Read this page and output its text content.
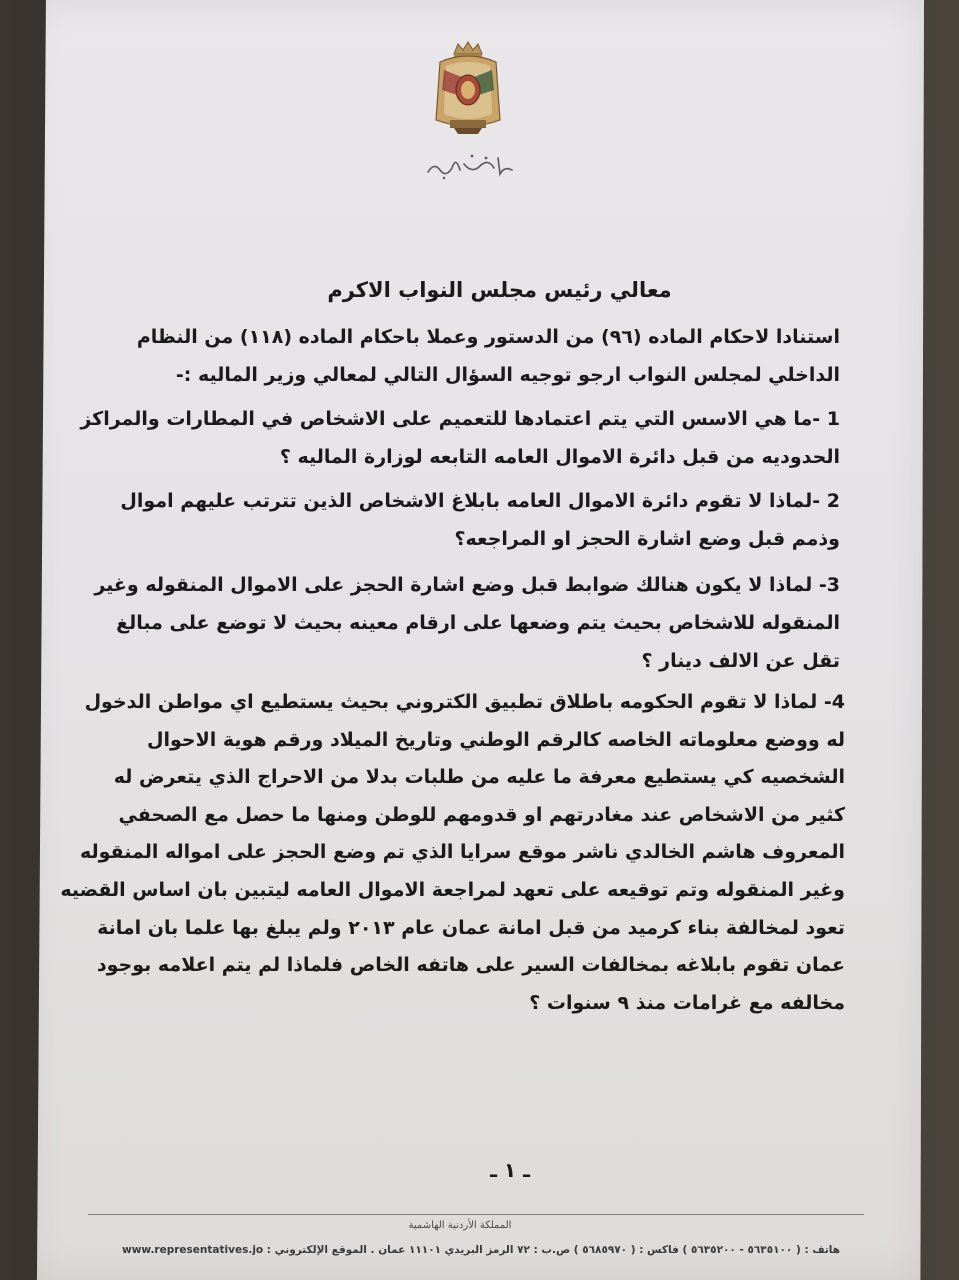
معالي رئيس مجلس النواب الاكرم
استنادا لاحكام الماده (٩٦) من الدستور وعملا باحكام الماده (١١٨) من النظام
الداخلي لمجلس النواب ارجو توجيه السؤال التالي لمعالي وزير الماليه :-
1 -ما هي الاسس التي يتم اعتمادها للتعميم على الاشخاص في المطارات والمراكز
الحدوديه من قبل دائرة الاموال العامه التابعه لوزارة الماليه ؟
2 -لماذا لا تقوم دائرة الاموال العامه بابلاغ الاشخاص الذين تترتب عليهم اموال
وذمم قبل وضع اشارة الحجز او المراجعه؟
3- لماذا لا يكون هنالك ضوابط قبل وضع اشارة الحجز على الاموال المنقوله وغير
المنقوله للاشخاص بحيث يتم وضعها على ارقام معينه بحيث لا توضع على مبالغ
تقل عن الالف دينار ؟
4- لماذا لا تقوم الحكومه باطلاق تطبيق الكتروني بحيث يستطيع اي مواطن الدخول
له ووضع معلوماته الخاصه كالرقم الوطني وتاريخ الميلاد ورقم هوية الاحوال
الشخصيه كي يستطيع معرفة ما عليه من طلبات بدلا من الاحراج الذي يتعرض له
كثير من الاشخاص عند مغادرتهم او قدومهم للوطن ومنها ما حصل مع الصحفي
المعروف هاشم الخالدي ناشر موقع سرايا الذي تم وضع الحجز على امواله المنقوله
وغير المنقوله وتم توقيعه على تعهد لمراجعة الاموال العامه ليتبين بان اساس القضيه
تعود لمخالفة بناء كرميد من قبل امانة عمان عام ٢٠١٣ ولم يبلغ بها علما بان امانة
عمان تقوم بابلاغه بمخالفات السير على هاتفه الخاص فلماذا لم يتم اعلامه بوجود
مخالفه مع غرامات منذ ٩ سنوات ؟
ـ ١ ـ
المملكة الأردنية الهاشمية
هاتف : ( ٥٦٣٥١٠٠ - ٥٦٣٥٢٠٠ ) فاكس : ( ٥٦٨٥٩٧٠ ) ص.ب : ٧٢ الرمز البريدي ١١١٠١ عمان . الموقع الإلكتروني : www.representatives.jo
